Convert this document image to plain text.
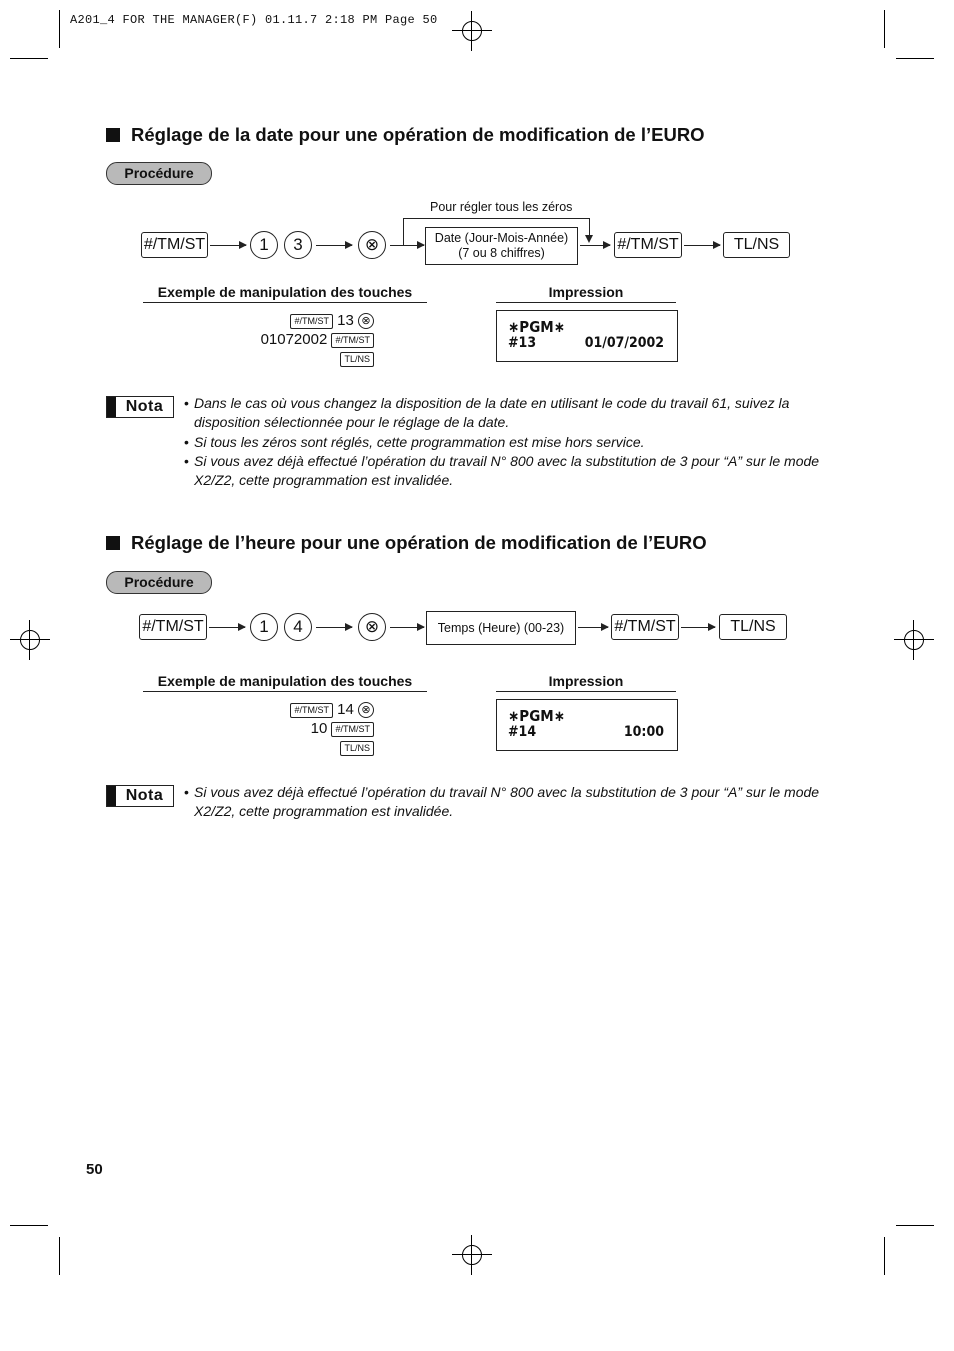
A201_4 FOR THE MANAGER(F) 01.11.7 2:18 PM Page 50
Réglage de la date pour une opération de modification de l’EURO
Procédure
#/TM/ST	1	3	⊗
Pour régler tous les zéros
Date (Jour-Mois-Année)
(7 ou 8 chiffres)	#/TM/ST	TL/NS
Exemple de manipulation des touches	Impression
#/TM/ST 13 ⊗
01072002 #/TM/ST
TL/NS
∗PGM∗
#13	01/07/2002
Nota	• Dans le cas où vous changez la disposition de la date en utilisant le code du travail 61, suivez la disposition sélectionnée pour le réglage de la date.
• Si tous les zéros sont réglés, cette programmation est mise hors service.
• Si vous avez déjà effectué l’opération du travail N° 800 avec la substitution de 3 pour “A” sur le mode X2/Z2, cette programmation est invalidée.
Réglage de l’heure pour une opération de modification de l’EURO
Procédure
#/TM/ST	1	4	⊗	Temps (Heure) (00-23)	#/TM/ST	TL/NS
Exemple de manipulation des touches	Impression
#/TM/ST 14 ⊗
10 #/TM/ST
TL/NS
∗PGM∗
#14	10:00
Nota	• Si vous avez déjà effectué l’opération du travail N° 800 avec la substitution de 3 pour “A” sur le mode X2/Z2, cette programmation est invalidée.
50
